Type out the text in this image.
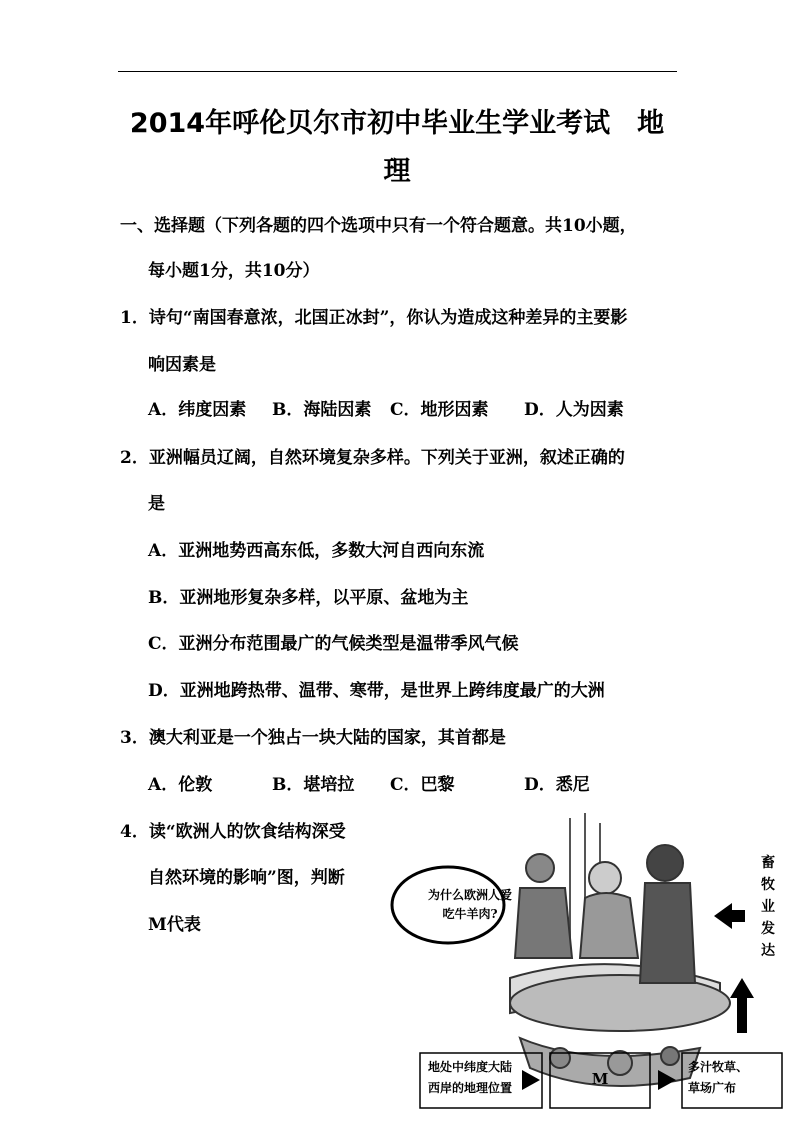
2014年呼伦贝尔市初中毕业生学业考试　地
理
一、选择题（下列各题的四个选项中只有一个符合题意。共10小题，
每小题1分，共10分）
1．诗句“南国春意浓，北国正冰封”，你认为造成这种差异的主要影
响因素是
A．纬度因素 B．海陆因素 C．地形因素 D．人为因素
2．亚洲幅员辽阔，自然环境复杂多样。下列关于亚洲，叙述正确的
是
A．亚洲地势西高东低，多数大河自西向东流
B．亚洲地形复杂多样，以平原、盆地为主
C．亚洲分布范围最广的气候类型是温带季风气候
D．亚洲地跨热带、温带、寒带，是世界上跨纬度最广的大洲
3．澳大利亚是一个独占一块大陆的国家，其首都是
A．伦敦	B．堪培拉 C．巴黎	D．悉尼
4．读“欧洲人的饮食结构深受
自然环境的影响”图，判断
M代表
为什么欧洲人爱
吃牛羊肉?
畜牧业发达
地处中纬度大陆
西岸的地理位置	M
多汁牧草、
草场广布
